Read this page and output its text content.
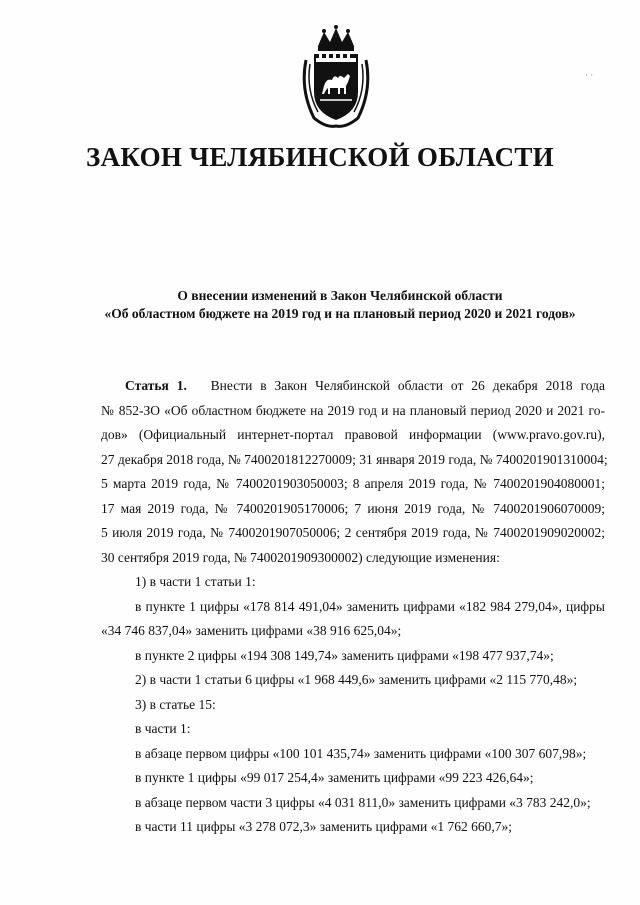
· ·
ЗАКОН ЧЕЛЯБИНСКОЙ ОБЛАСТИ
О внесении изменений в Закон Челябинской области
«Об областном бюджете на 2019 год и на плановый период 2020 и 2021 годов»
Статья 1. Внести в Закон Челябинской области от 26 декабря 2018 года
№ 852-ЗО «Об областном бюджете на 2019 год и на плановый период 2020 и 2021 го-
дов» (Официальный интернет-портал правовой информации (www.pravo.gov.ru),
27 декабря 2018 года, № 7400201812270009; 31 января 2019 года, № 7400201901310004;
5 марта 2019 года, № 7400201903050003; 8 апреля 2019 года, № 7400201904080001;
17 мая 2019 года, № 7400201905170006; 7 июня 2019 года, № 7400201906070009;
5 июля 2019 года, № 7400201907050006; 2 сентября 2019 года, № 7400201909020002;
30 сентября 2019 года, № 7400201909300002) следующие изменения:
1) в части 1 статьи 1:
в пункте 1 цифры «178 814 491,04» заменить цифрами «182 984 279,04», цифры
«34 746 837,04» заменить цифрами «38 916 625,04»;
в пункте 2 цифры «194 308 149,74» заменить цифрами «198 477 937,74»;
2) в части 1 статьи 6 цифры «1 968 449,6» заменить цифрами «2 115 770,48»;
3) в статье 15:
в части 1:
в абзаце первом цифры «100 101 435,74» заменить цифрами «100 307 607,98»;
в пункте 1 цифры «99 017 254,4» заменить цифрами «99 223 426,64»;
в абзаце первом части 3 цифры «4 031 811,0» заменить цифрами «3 783 242,0»;
в части 11 цифры «3 278 072,3» заменить цифрами «1 762 660,7»;
